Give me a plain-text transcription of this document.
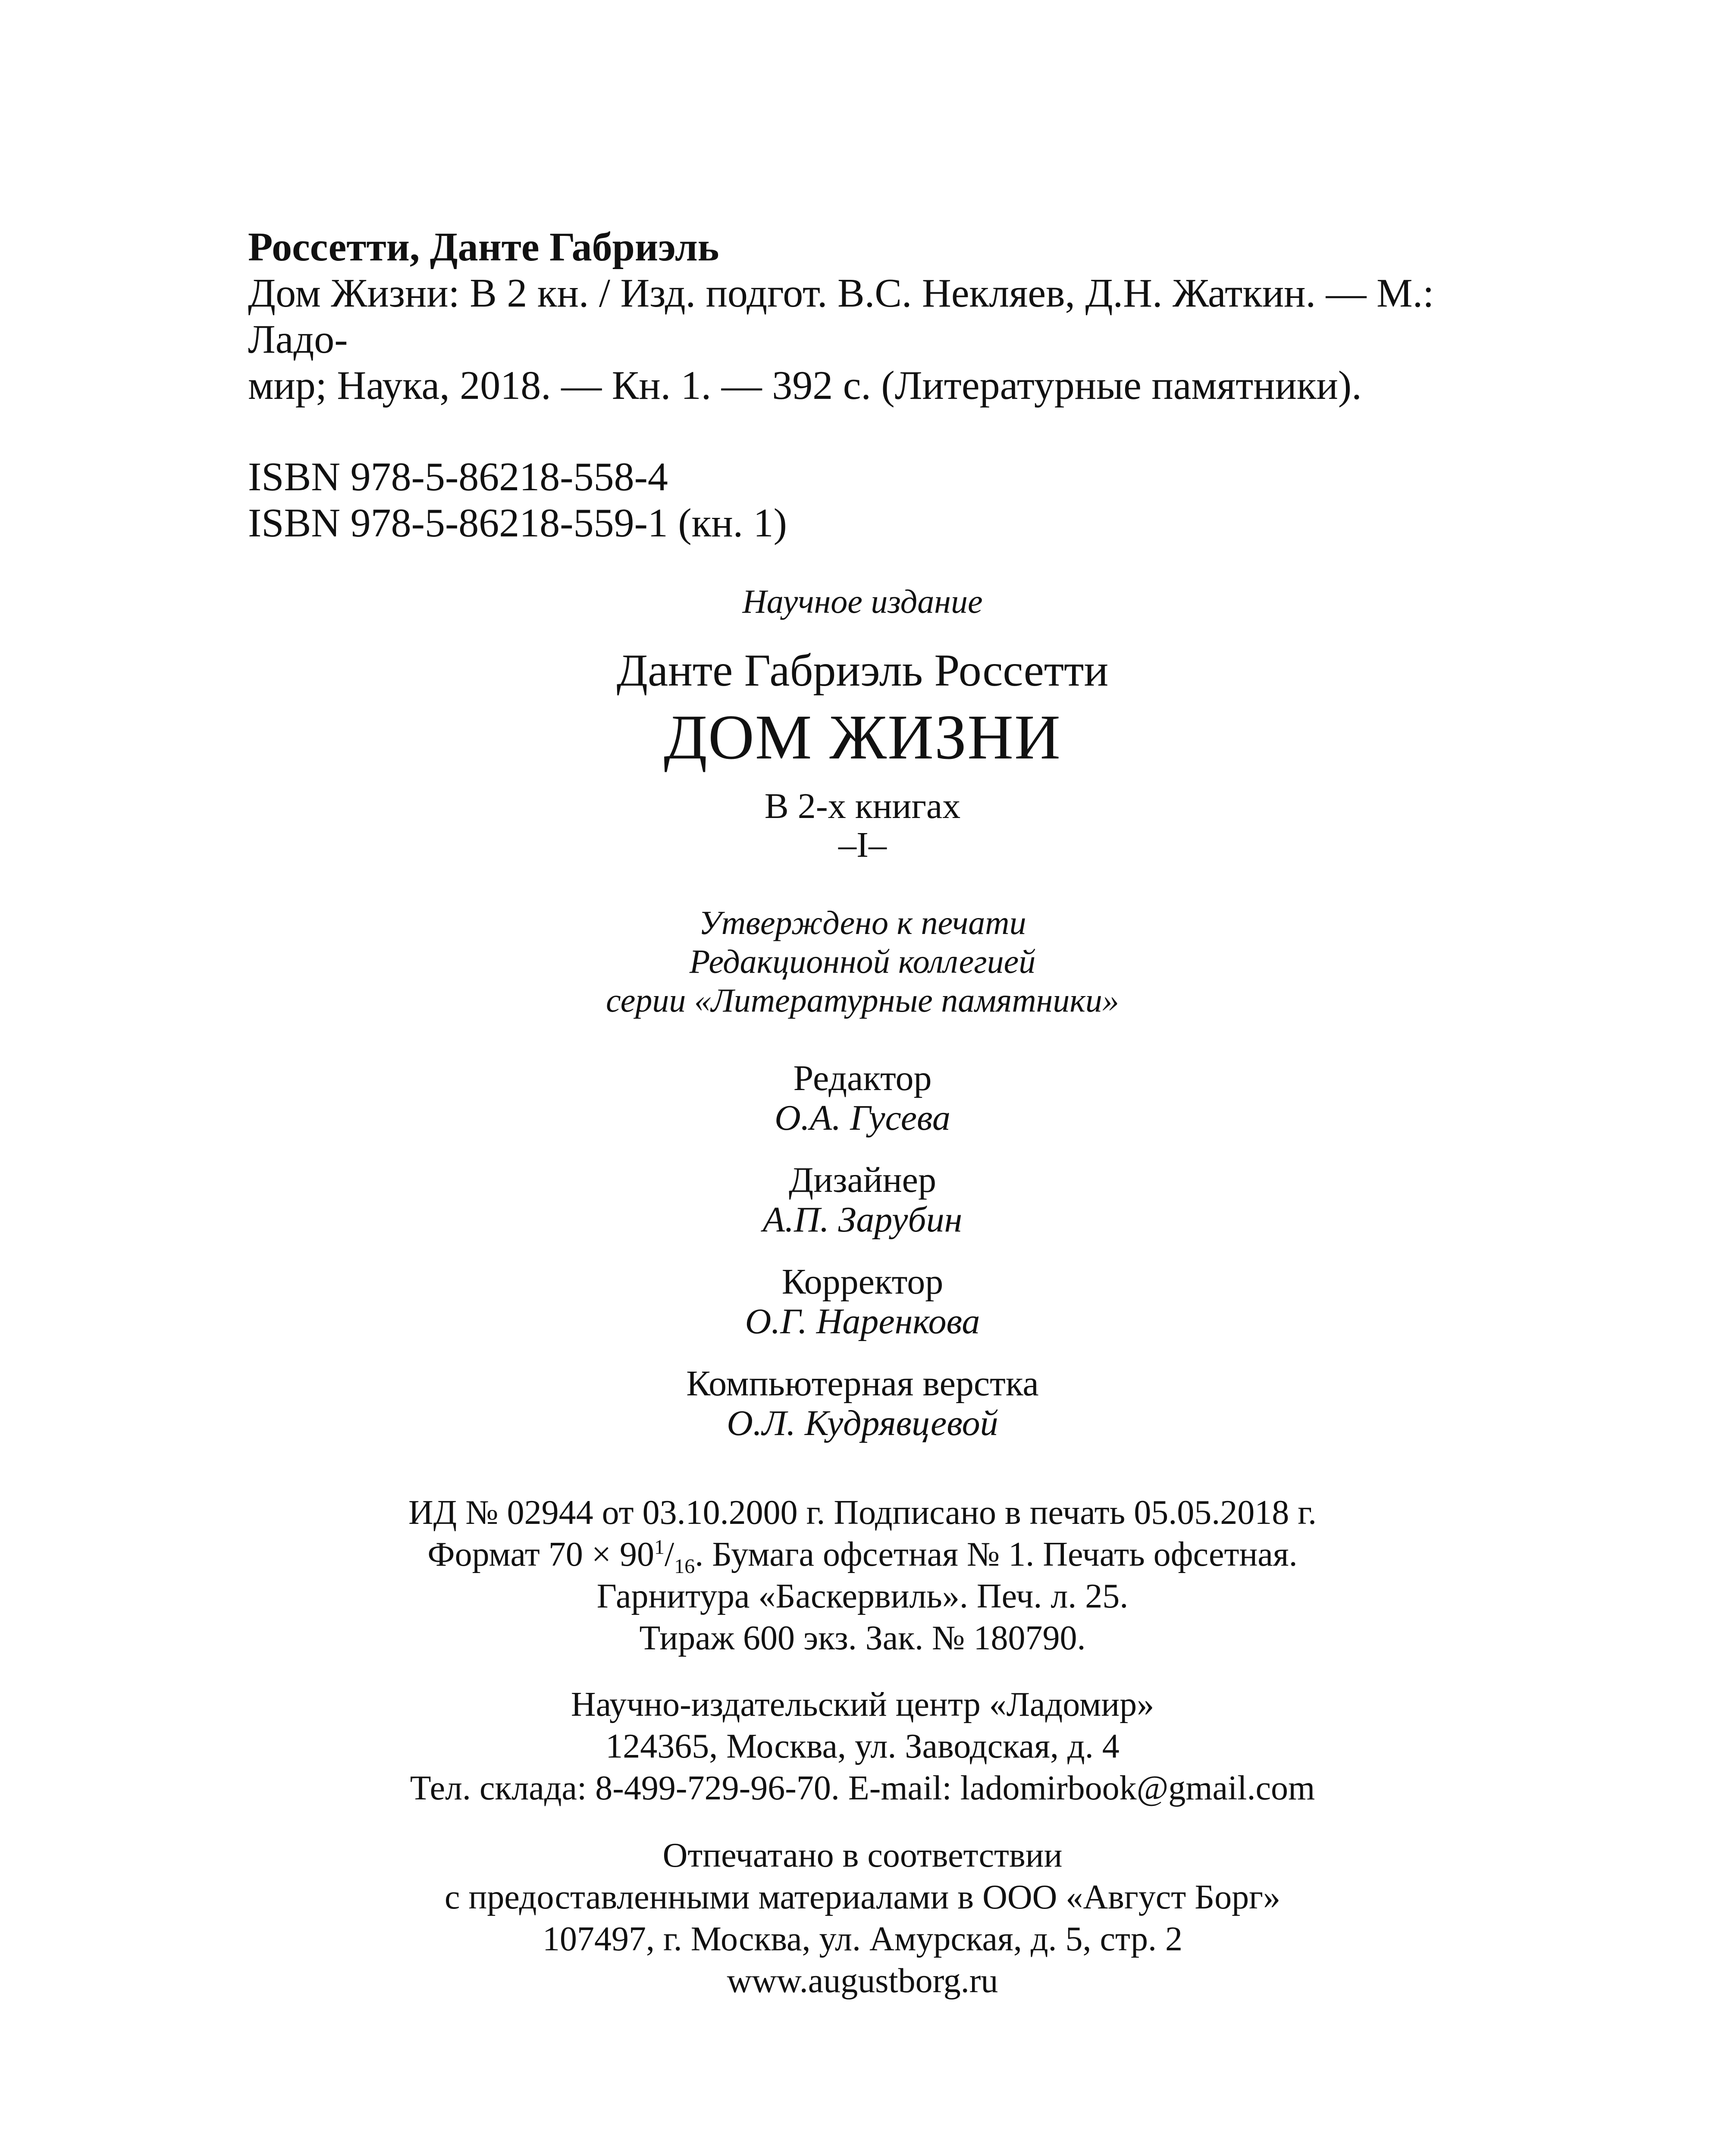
Россетти, Данте Габриэль
Дом Жизни: В 2 кн. / Изд. подгот. В.С. Некляев, Д.Н. Жаткин. — М.: Ладо-
мир; Наука, 2018. — Кн. 1. — 392 с. (Литературные памятники).
ISBN 978-5-86218-558-4
ISBN 978-5-86218-559-1 (кн. 1)
Научное издание
Данте Габриэль Россетти
ДОМ ЖИЗНИ
В 2-х книгах
–I–
Утверждено к печати
Редакционной коллегией
серии «Литературные памятники»
Редактор
О.А. Гусева
Дизайнер
А.П. Зарубин
Корректор
О.Г. Наренкова
Компьютерная верстка
О.Л. Кудрявцевой
ИД № 02944 от 03.10.2000 г. Подписано в печать 05.05.2018 г.
Формат $70 \times 90^1/_{16}$. Бумага офсетная № 1. Печать офсетная.
Гарнитура «Баскервиль». Печ. л. 25.
Тираж 600 экз. Зак. № 180790.
Научно-издательский центр «Ладомир»
124365, Москва, ул. Заводская, д. 4
Тел. склада: 8-499-729-96-70. E-mail: ladomirbook@gmail.com
Отпечатано в соответствии
с предоставленными материалами в ООО «Август Борг»
107497, г. Москва, ул. Амурская, д. 5, стр. 2
www.augustborg.ru
